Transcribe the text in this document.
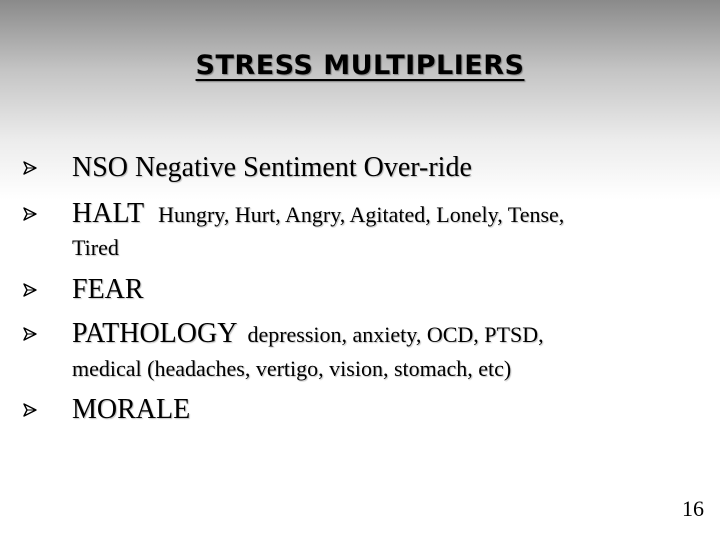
STRESS MULTIPLIERS
NSO Negative Sentiment Over-ride
HALT Hungry, Hurt, Angry, Agitated, Lonely, Tense,
Tired
FEAR
PATHOLOGY depression, anxiety, OCD, PTSD,
medical (headaches, vertigo, vision, stomach, etc)
MORALE
16
